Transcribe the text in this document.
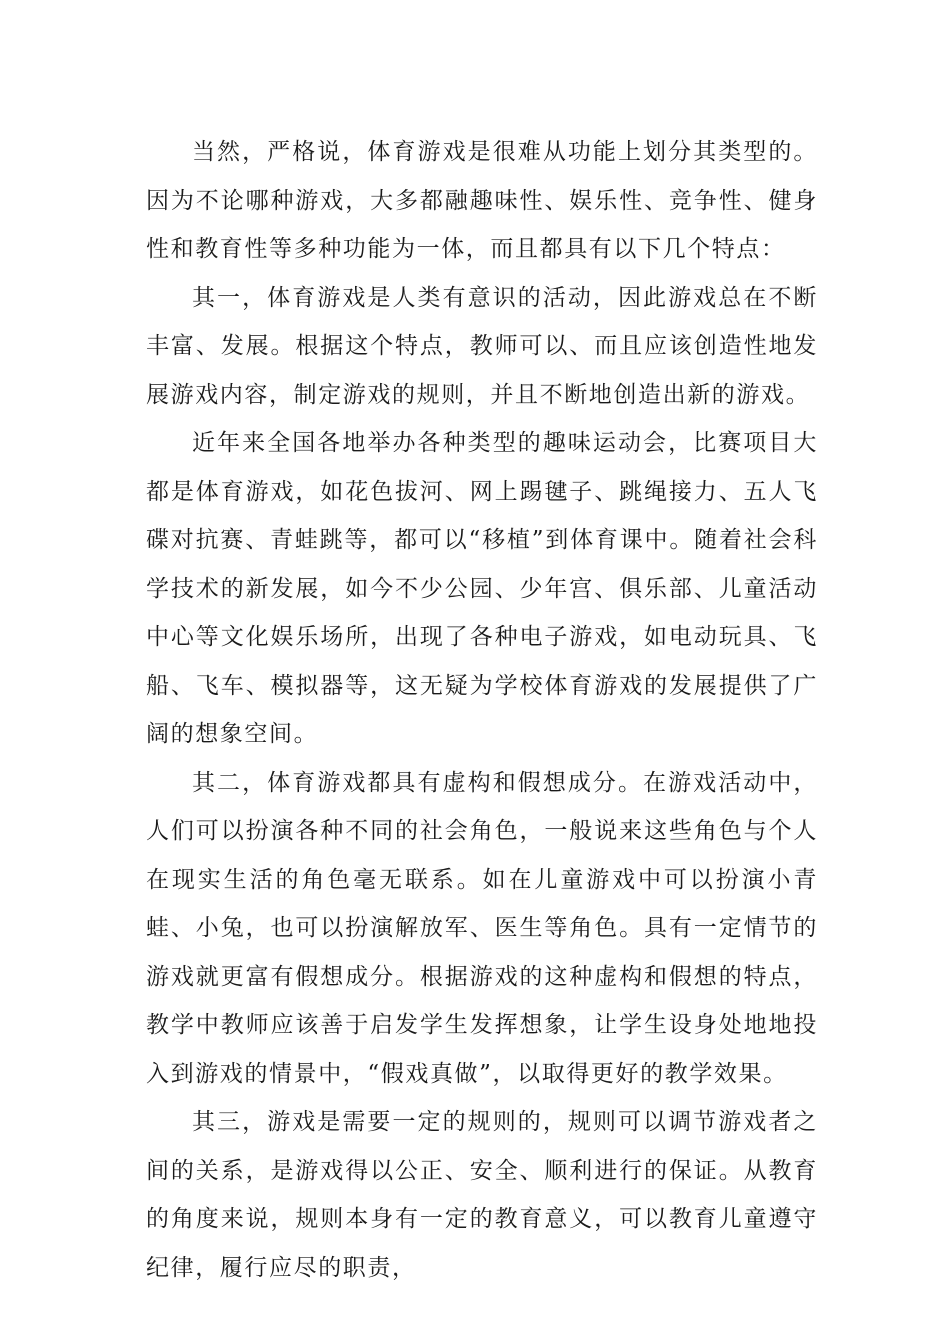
当然，严格说，体育游戏是很难从功能上划分其类型的。因为不论哪种游戏，大多都融趣味性、娱乐性、竞争性、健身性和教育性等多种功能为一体，而且都具有以下几个特点：

其一，体育游戏是人类有意识的活动，因此游戏总在不断丰富、发展。根据这个特点，教师可以、而且应该创造性地发展游戏内容，制定游戏的规则，并且不断地创造出新的游戏。

近年来全国各地举办各种类型的趣味运动会，比赛项目大都是体育游戏，如花色拔河、网上踢毽子、跳绳接力、五人飞碟对抗赛、青蛙跳等，都可以“移植”到体育课中。随着社会科学技术的新发展，如今不少公园、少年宫、俱乐部、儿童活动中心等文化娱乐场所，出现了各种电子游戏，如电动玩具、飞船、飞车、模拟器等，这无疑为学校体育游戏的发展提供了广阔的想象空间。

其二，体育游戏都具有虚构和假想成分。在游戏活动中，人们可以扮演各种不同的社会角色，一般说来这些角色与个人在现实生活的角色毫无联系。如在儿童游戏中可以扮演小青蛙、小兔，也可以扮演解放军、医生等角色。具有一定情节的游戏就更富有假想成分。根据游戏的这种虚构和假想的特点，教学中教师应该善于启发学生发挥想象，让学生设身处地地投入到游戏的情景中，“假戏真做”，以取得更好的教学效果。

其三，游戏是需要一定的规则的，规则可以调节游戏者之间的关系，是游戏得以公正、安全、顺利进行的保证。从教育的角度来说，规则本身有一定的教育意义，可以教育儿童遵守纪律，履行应尽的职责，
